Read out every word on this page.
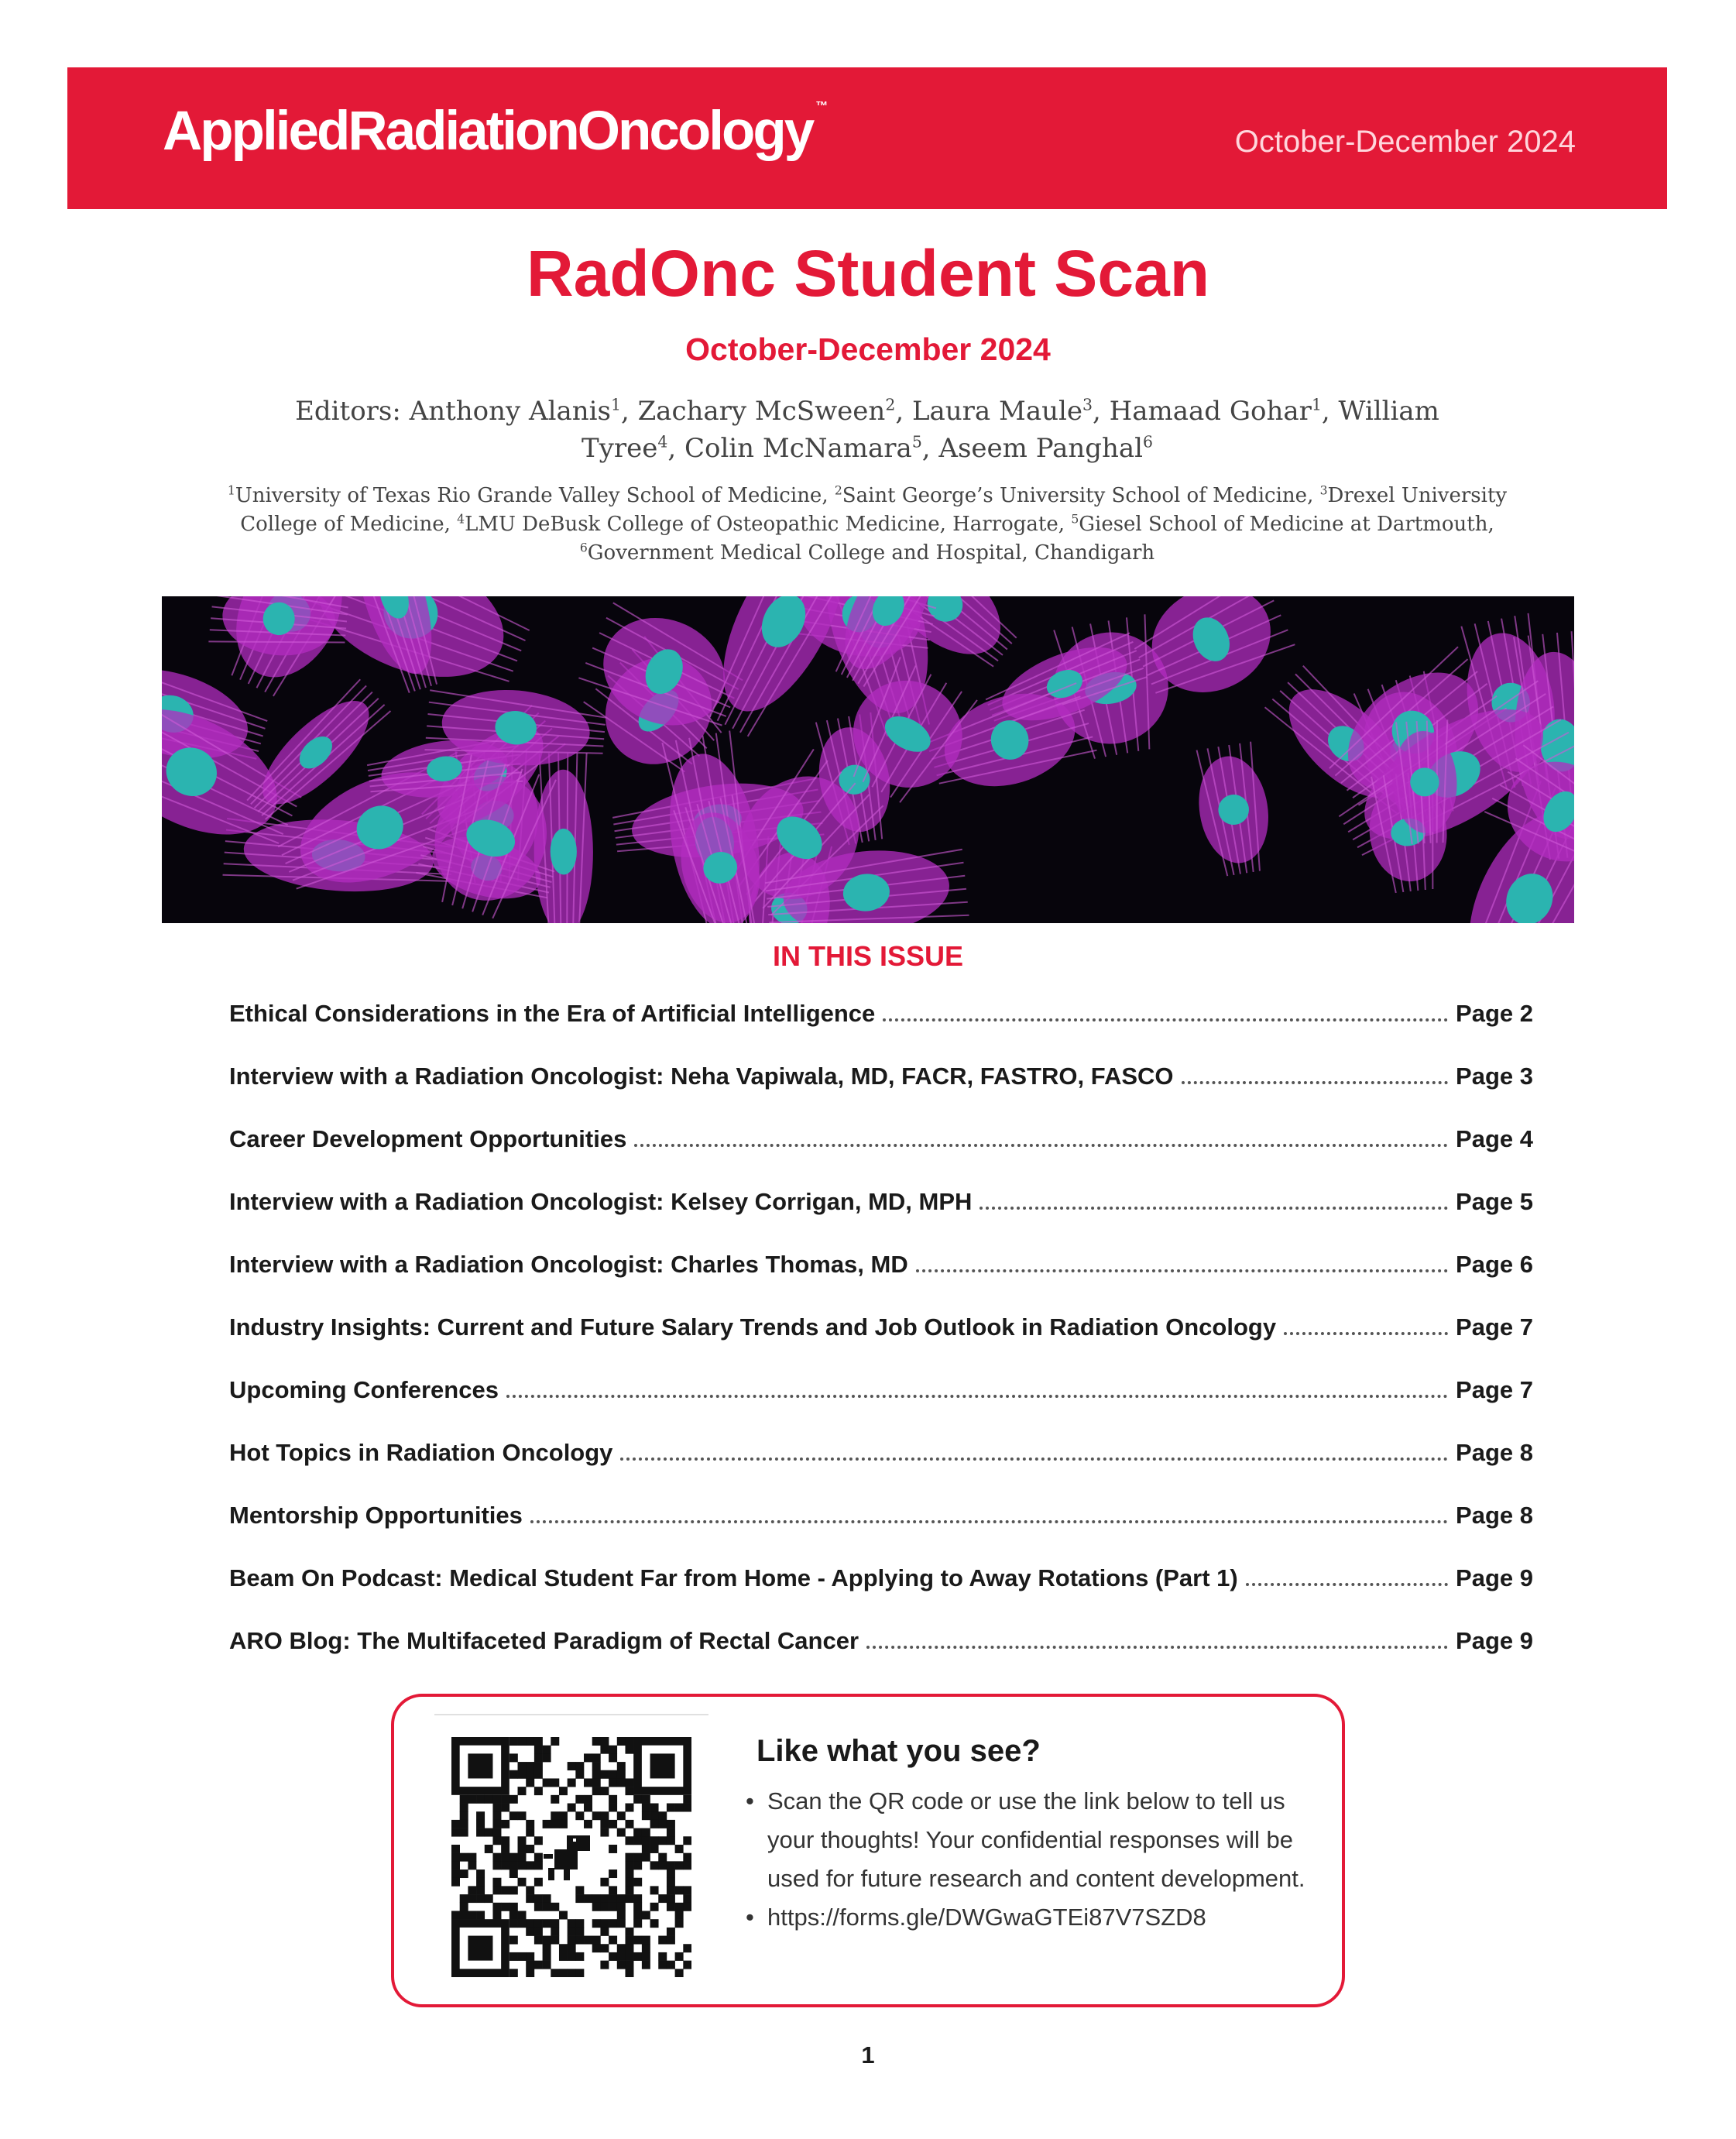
AppliedRadiationOncology ™
October-December 2024
RadOnc Student Scan
October-December 2024
Editors: Anthony Alanis$^1$, Zachary McSween$^2$, Laura Maule$^3$, Hamaad Gohar$^1$, William Tyree$^4$, Colin McNamara$^5$, Aseem Panghal$^6$
$^1$University of Texas Rio Grande Valley School of Medicine, $^2$Saint George’s University School of Medicine, $^3$Drexel University College of Medicine, $^4$LMU DeBusk College of Osteopathic Medicine, Harrogate, $^5$Giesel School of Medicine at Dartmouth, $^6$Government Medical College and Hospital, Chandigarh
IN THIS ISSUE
Ethical Considerations in the Era of Artificial Intelligence	Page 2
Interview with a Radiation Oncologist: Neha Vapiwala, MD, FACR, FASTRO, FASCO	Page 3
Career Development Opportunities	Page 4
Interview with a Radiation Oncologist: Kelsey Corrigan, MD, MPH	Page 5
Interview with a Radiation Oncologist: Charles Thomas, MD	Page 6
Industry Insights: Current and Future Salary Trends and Job Outlook in Radiation Oncology	Page 7
Upcoming Conferences	Page 7
Hot Topics in Radiation Oncology	Page 8
Mentorship Opportunities	Page 8
Beam On Podcast: Medical Student Far from Home - Applying to Away Rotations (Part 1)	Page 9
ARO Blog: The Multifaceted Paradigm of Rectal Cancer	Page 9
Like what you see?
• Scan the QR code or use the link below to tell us your thoughts! Your confidential responses will be used for future research and content development.
• https://forms.gle/DWGwaGTEi87V7SZD8
1
